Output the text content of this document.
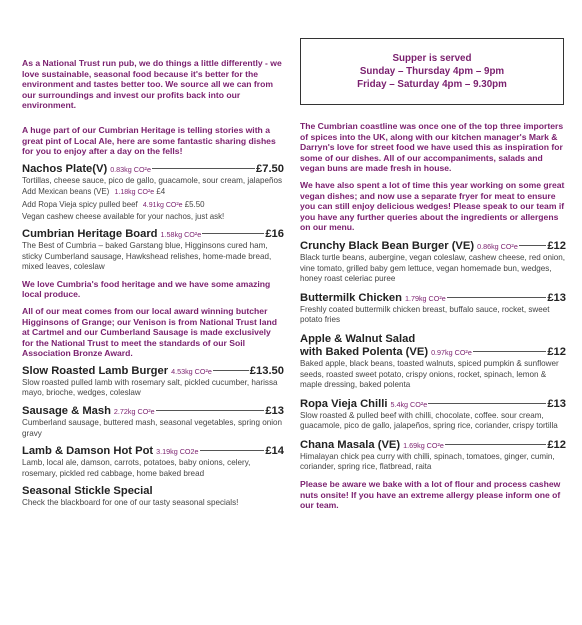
As a National Trust run pub, we do things a little differently - we love sustainable, seasonal food because it's better for the environment and tastes better too. We source all we can from our surroundings and invest our profits back into our environment.
A huge part of our Cumbrian Heritage is telling stories with a great pint of Local Ale, here are some fantastic sharing dishes for you to enjoy after a day on the fells!
Nachos Plate(V) 0.83kg CO²e	£7.50
Tortillas, cheese sauce, pico de gallo, guacamole, sour cream, jalapeños
Add Mexican beans (VE) 1.18kg CO²e £4
Add Ropa Vieja spicy pulled beef 4.91kg CO²e £5.50
Vegan cashew cheese available for your nachos, just ask!
Cumbrian Heritage Board 1.58kg CO²e	£16
The Best of Cumbria – baked Garstang blue, Higginsons cured ham, sticky Cumberland sausage, Hawkshead relishes, home-made bread, mixed leaves, coleslaw
We love Cumbria's food heritage and we have some amazing local produce.
All of our meat comes from our local award winning butcher Higginsons of Grange; our Venison is from National Trust land at Cartmel and our Cumberland Sausage is made exclusively for the National Trust to meet the standards of our Soil Association Bronze Award.
Slow Roasted Lamb Burger 4.53kg CO²e	£13.50
Slow roasted pulled lamb with rosemary salt, pickled cucumber, harissa mayo, brioche, wedges, coleslaw
Sausage & Mash 2.72kg CO²e	£13
Cumberland sausage, buttered mash, seasonal vegetables, spring onion gravy
Lamb & Damson Hot Pot 3.19kg CO2e	£14
Lamb, local ale, damson, carrots, potatoes, baby onions, celery, rosemary, pickled red cabbage, home baked bread
Seasonal Stickle Special
Check the blackboard for one of our tasty seasonal specials!
Supper is served
Sunday – Thursday 4pm – 9pm
Friday – Saturday 4pm – 9.30pm
The Cumbrian coastline was once one of the top three importers of spices into the UK, along with our kitchen manager's Mark & Darryn's love for street food we have used this as inspiration for some of our dishes. All of our accompaniments, salads and vegan buns are made fresh in house.
We have also spent a lot of time this year working on some great vegan dishes; and now use a separate fryer for meat to ensure you can still enjoy delicious wedges! Please speak to our team if you have any further queries about the ingredients or allergens on our menu.
Crunchy Black Bean Burger (VE) 0.86kg CO²e	£12
Black turtle beans, aubergine, vegan coleslaw, cashew cheese, red onion, vine tomato, grilled baby gem lettuce, vegan homemade bun, wedges, honey roast celeriac puree
Buttermilk Chicken 1.79kg CO²e	£13
Freshly coated buttermilk chicken breast, buffalo sauce, rocket, sweet potato fries
Apple & Walnut Salad
with Baked Polenta (VE) 0.97kg CO²e	£12
Baked apple, black beans, toasted walnuts, spiced pumpkin & sunflower seeds, roasted sweet potato, crispy onions, rocket, spinach, lemon & maple dressing, baked polenta
Ropa Vieja Chilli 5.4kg CO²e	£13
Slow roasted & pulled beef with chilli, chocolate, coffee. sour cream, guacamole, pico de gallo, jalapeños, spring rice, coriander, crispy tortilla
Chana Masala (VE) 1.69kg CO²e	£12
Himalayan chick pea curry with chilli, spinach, tomatoes, ginger, cumin, coriander, spring rice, flatbread, raita
Please be aware we bake with a lot of flour and process cashew nuts onsite! If you have an extreme allergy please inform one of our team.
